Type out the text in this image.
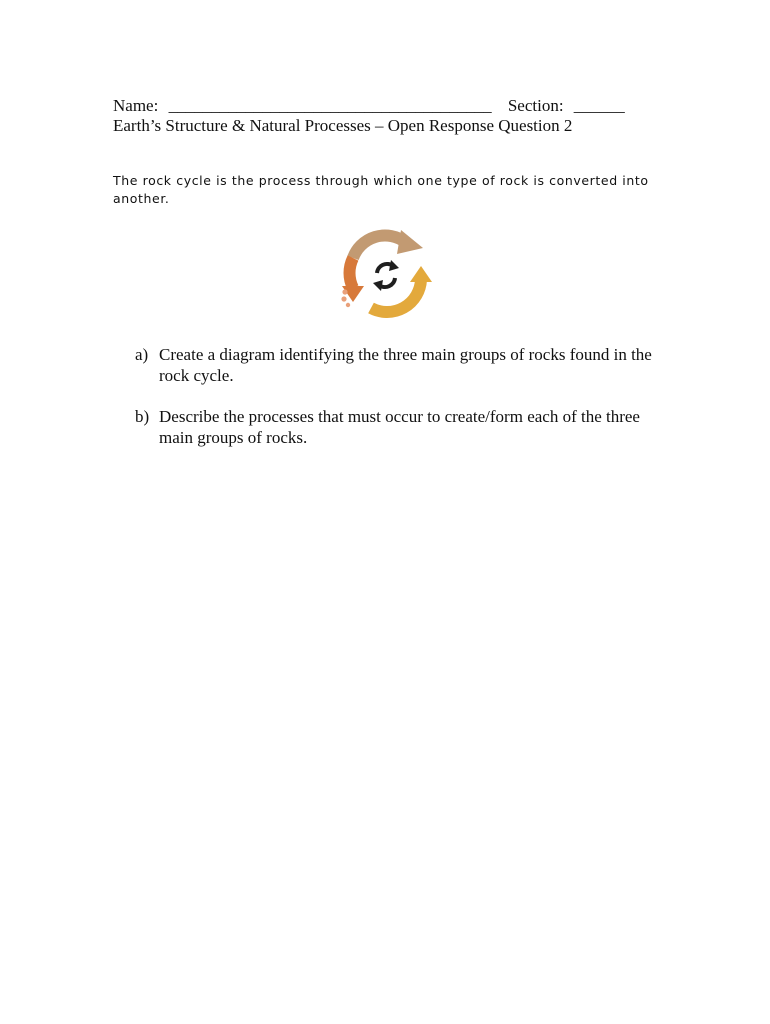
Name: ______________________________________ Section: ______
Earth’s Structure & Natural Processes – Open Response Question 2

The rock cycle is the process through which one type of rock is converted into another.

a) Create a diagram identifying the three main groups of rocks found in the rock cycle.
b) Describe the processes that must occur to create/form each of the three main groups of rocks.
